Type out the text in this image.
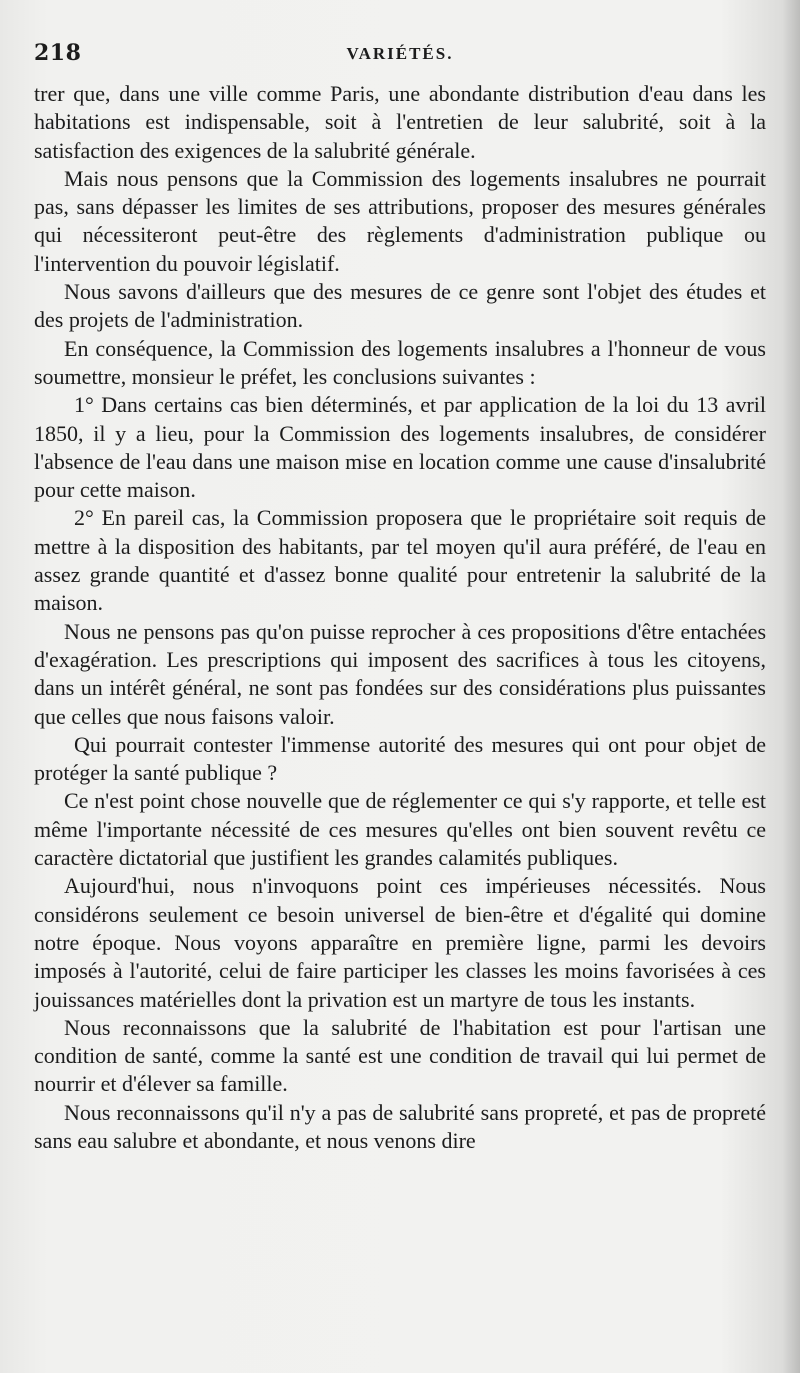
218	VARIÉTÉS.

trer que, dans une ville comme Paris, une abondante distribution d'eau dans les habitations est indispensable, soit à l'entretien de leur salubrité, soit à la satisfaction des exigences de la salubrité générale.

Mais nous pensons que la Commission des logements insalubres ne pourrait pas, sans dépasser les limites de ses attributions, proposer des mesures générales qui nécessiteront peut-être des règlements d'administration publique ou l'intervention du pouvoir législatif.

Nous savons d'ailleurs que des mesures de ce genre sont l'objet des études et des projets de l'administration.

En conséquence, la Commission des logements insalubres a l'honneur de vous soumettre, monsieur le préfet, les conclusions suivantes :

1° Dans certains cas bien déterminés, et par application de la loi du 13 avril 1850, il y a lieu, pour la Commission des logements insalubres, de considérer l'absence de l'eau dans une maison mise en location comme une cause d'insalubrité pour cette maison.

2° En pareil cas, la Commission proposera que le propriétaire soit requis de mettre à la disposition des habitants, par tel moyen qu'il aura préféré, de l'eau en assez grande quantité et d'assez bonne qualité pour entretenir la salubrité de la maison.

Nous ne pensons pas qu'on puisse reprocher à ces propositions d'être entachées d'exagération. Les prescriptions qui imposent des sacrifices à tous les citoyens, dans un intérêt général, ne sont pas fondées sur des considérations plus puissantes que celles que nous faisons valoir.

Qui pourrait contester l'immense autorité des mesures qui ont pour objet de protéger la santé publique ?

Ce n'est point chose nouvelle que de réglementer ce qui s'y rapporte, et telle est même l'importante nécessité de ces mesures qu'elles ont bien souvent revêtu ce caractère dictatorial que justifient les grandes calamités publiques.

Aujourd'hui, nous n'invoquons point ces impérieuses nécessités. Nous considérons seulement ce besoin universel de bien-être et d'égalité qui domine notre époque. Nous voyons apparaître en première ligne, parmi les devoirs imposés à l'autorité, celui de faire participer les classes les moins favorisées à ces jouissances matérielles dont la privation est un martyre de tous les instants.

Nous reconnaissons que la salubrité de l'habitation est pour l'artisan une condition de santé, comme la santé est une condition de travail qui lui permet de nourrir et d'élever sa famille.

Nous reconnaissons qu'il n'y a pas de salubrité sans propreté, et pas de propreté sans eau salubre et abondante, et nous venons dire
